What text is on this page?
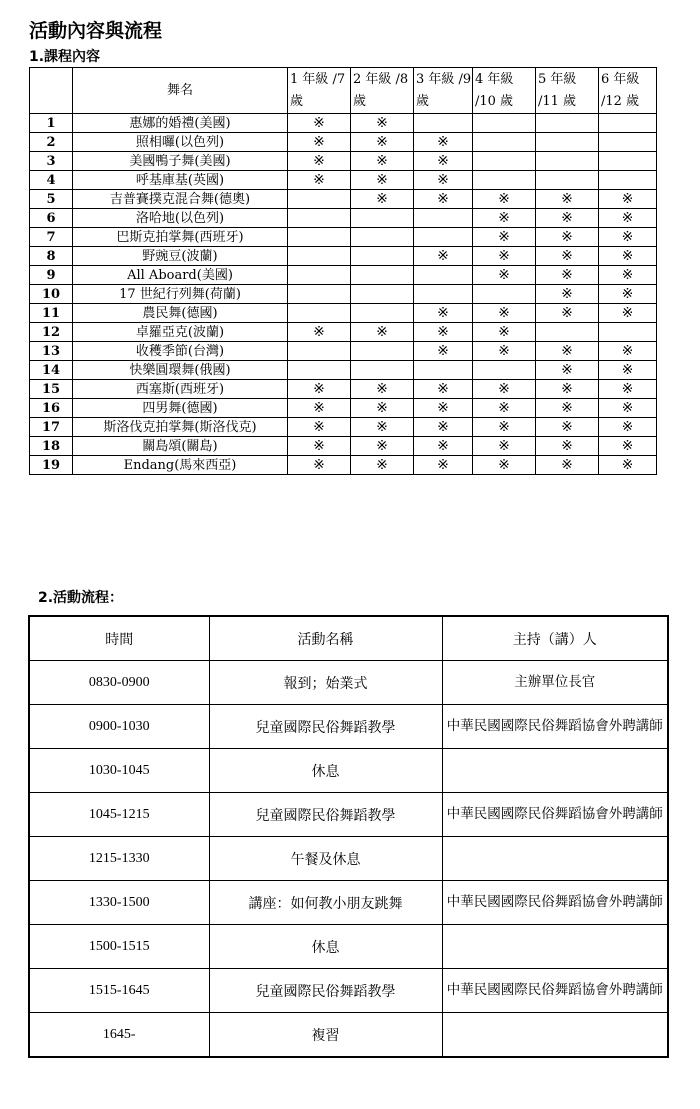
活動內容與流程
1.課程內容
	舞名	1 年級 /7 歲	2 年級 /8 歲	3 年級 /9 歲	4 年級 /10 歲	5 年級 /11 歲	6 年級 /12 歲
1	惠娜的婚禮(美國)	※	※				
2	照相囉(以色列)	※	※	※			
3	美國鴨子舞(美國)	※	※	※			
4	呼基庫基(英國)	※	※	※			
5	吉普賽撲克混合舞(德奧)		※	※	※	※	※
6	洛哈地(以色列)				※	※	※
7	巴斯克拍掌舞(西班牙)				※	※	※
8	野豌豆(波蘭)			※	※	※	※
9	All Aboard(美國)				※	※	※
10	17 世紀行列舞(荷蘭)					※	※
11	農民舞(德國)			※	※	※	※
12	卓羅亞克(波蘭)	※	※	※	※		
13	收穫季節(台灣)			※	※	※	※
14	快樂圓環舞(俄國)					※	※
15	西塞斯(西班牙)	※	※	※	※	※	※
16	四男舞(德國)	※	※	※	※	※	※
17	斯洛伐克拍掌舞(斯洛伐克)	※	※	※	※	※	※
18	關島頌(關島)	※	※	※	※	※	※
19	Endang(馬來西亞)	※	※	※	※	※	※
2.活動流程：
時間	活動名稱	主持（講）人
0830-0900	報到；始業式	主辦單位長官
0900-1030	兒童國際民俗舞蹈教學	中華民國國際民俗舞蹈協會外聘講師
1030-1045	休息	
1045-1215	兒童國際民俗舞蹈教學	中華民國國際民俗舞蹈協會外聘講師
1215-1330	午餐及休息	
1330-1500	講座：如何教小朋友跳舞	中華民國國際民俗舞蹈協會外聘講師
1500-1515	休息	
1515-1645	兒童國際民俗舞蹈教學	中華民國國際民俗舞蹈協會外聘講師
1645-	複習	
